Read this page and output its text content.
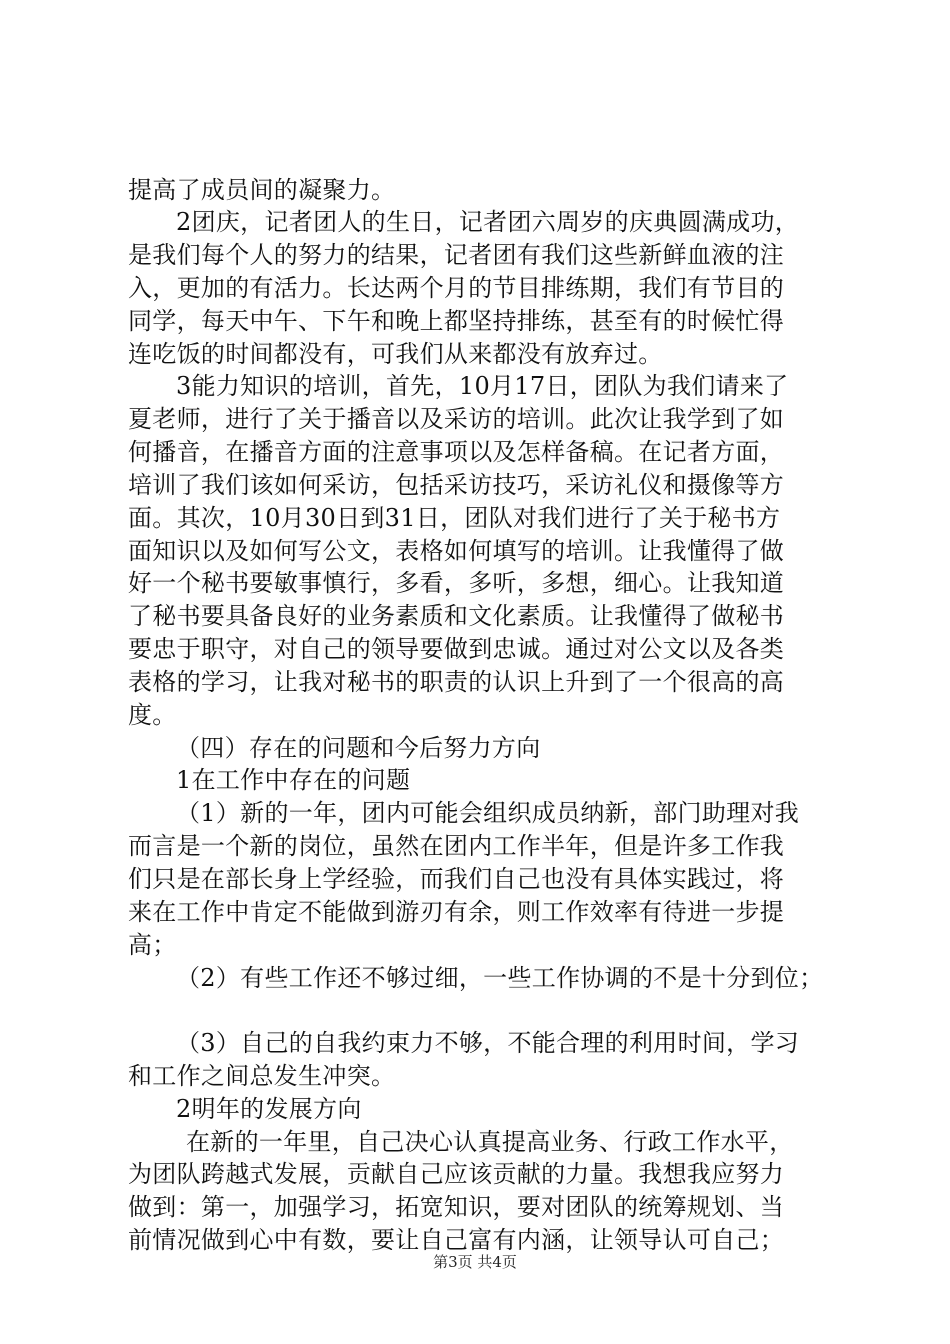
提高了成员间的凝聚力。
2团庆，记者团人的生日，记者团六周岁的庆典圆满成功，
是我们每个人的努力的结果，记者团有我们这些新鲜血液的注
入，更加的有活力。长达两个月的节目排练期，我们有节目的
同学，每天中午、下午和晚上都坚持排练，甚至有的时候忙得
连吃饭的时间都没有，可我们从来都没有放弃过。
3能力知识的培训，首先，10月17日，团队为我们请来了
夏老师，进行了关于播音以及采访的培训。此次让我学到了如
何播音，在播音方面的注意事项以及怎样备稿。在记者方面，
培训了我们该如何采访，包括采访技巧，采访礼仪和摄像等方
面。其次，10月30日到31日，团队对我们进行了关于秘书方
面知识以及如何写公文，表格如何填写的培训。让我懂得了做
好一个秘书要敏事慎行，多看，多听，多想，细心。让我知道
了秘书要具备良好的业务素质和文化素质。让我懂得了做秘书
要忠于职守，对自己的领导要做到忠诚。通过对公文以及各类
表格的学习，让我对秘书的职责的认识上升到了一个很高的高
度。
（四）存在的问题和今后努力方向
1在工作中存在的问题
（1）新的一年，团内可能会组织成员纳新，部门助理对我
而言是一个新的岗位，虽然在团内工作半年，但是许多工作我
们只是在部长身上学经验，而我们自己也没有具体实践过，将
来在工作中肯定不能做到游刃有余，则工作效率有待进一步提
高；
（2）有些工作还不够过细，一些工作协调的不是十分到位；
（3）自己的自我约束力不够，不能合理的利用时间，学习
和工作之间总发生冲突。
2明年的发展方向
在新的一年里，自己决心认真提高业务、行政工作水平，
为团队跨越式发展，贡献自己应该贡献的力量。我想我应努力
做到：第一，加强学习，拓宽知识，要对团队的统筹规划、当
前情况做到心中有数，要让自己富有内涵，让领导认可自己；
第3页 共4页
